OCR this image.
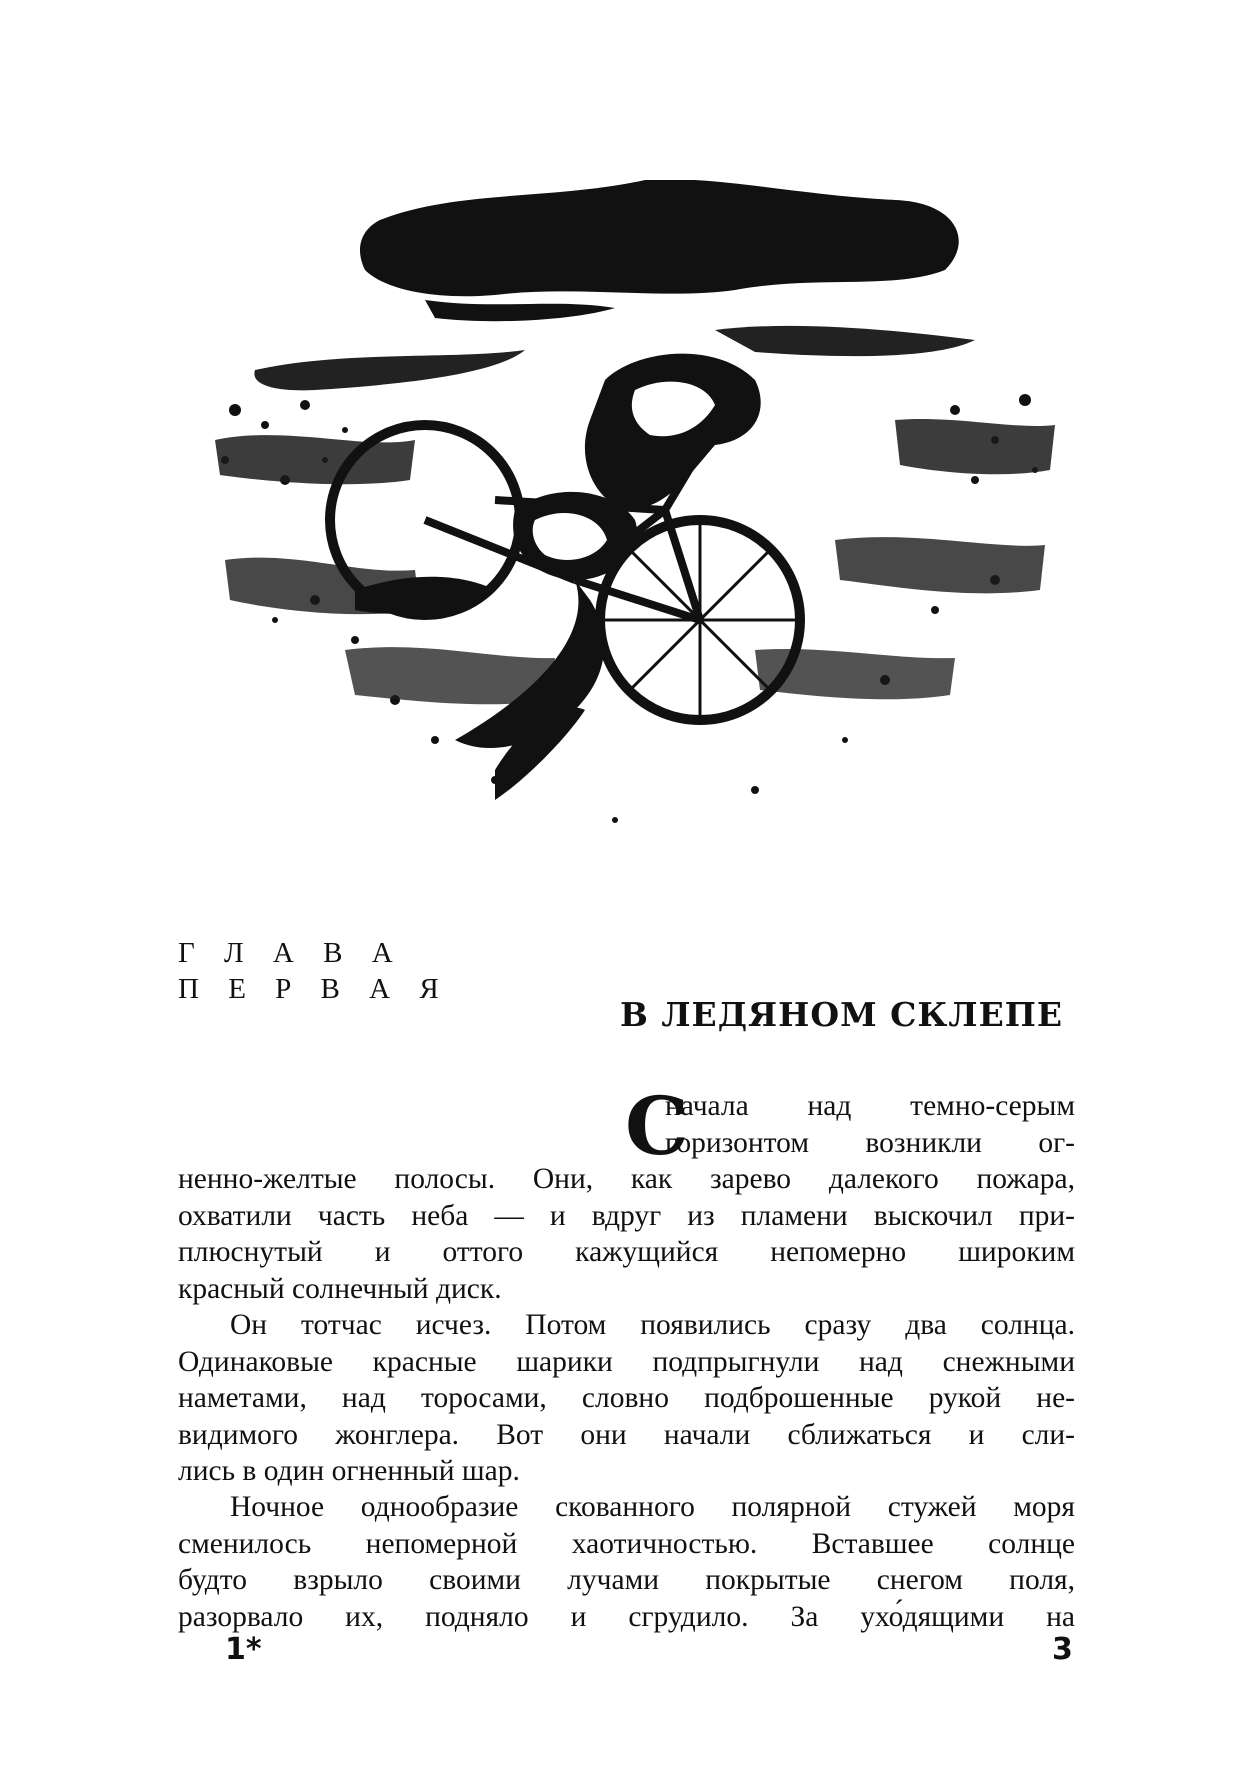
Г Л А В А
П Е Р В А Я
В ЛЕДЯНОМ СКЛЕПЕ
С
начала над темно-серым
горизонтом возникли ог-
ненно-желтые полосы. Они, как зарево далекого пожара,
охватили часть неба — и вдруг из пламени выскочил при-
плюснутый и оттого кажущийся непомерно широким
красный солнечный диск.
Он тотчас исчез. Потом появились сразу два солнца.
Одинаковые красные шарики подпрыгнули над снежными
наметами, над торосами, словно подброшенные рукой не-
видимого жонглера. Вот они начали сближаться и сли-
лись в один огненный шар.
Ночное однообразие скованного полярной стужей моря
сменилось непомерной хаотичностью. Вставшее солнце
будто взрыло своими лучами покрытые снегом поля,
разорвало их, подняло и сгрудило. За ухо́дящими на
1*	3
